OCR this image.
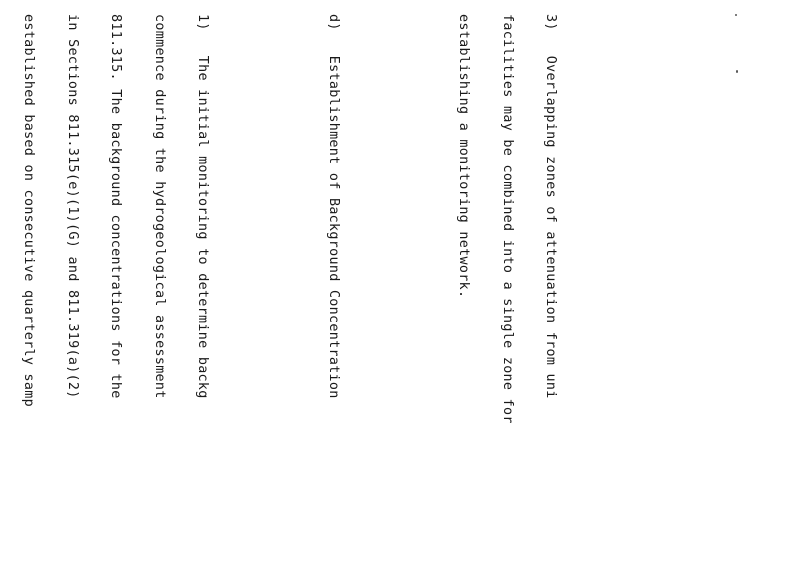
3)   Overlapping zones of attenuation from uni

facilities may be combined into a single zone for

establishing a monitoring network.

d)   Establishment of Background Concentration

1)   The initial monitoring to determine backg

commence during the hydrogeological assessment

811.315. The background concentrations for the

in Sections 811.315(e)(1)(G) and 811.319(a)(2)

established based on consecutive quarterly samp
